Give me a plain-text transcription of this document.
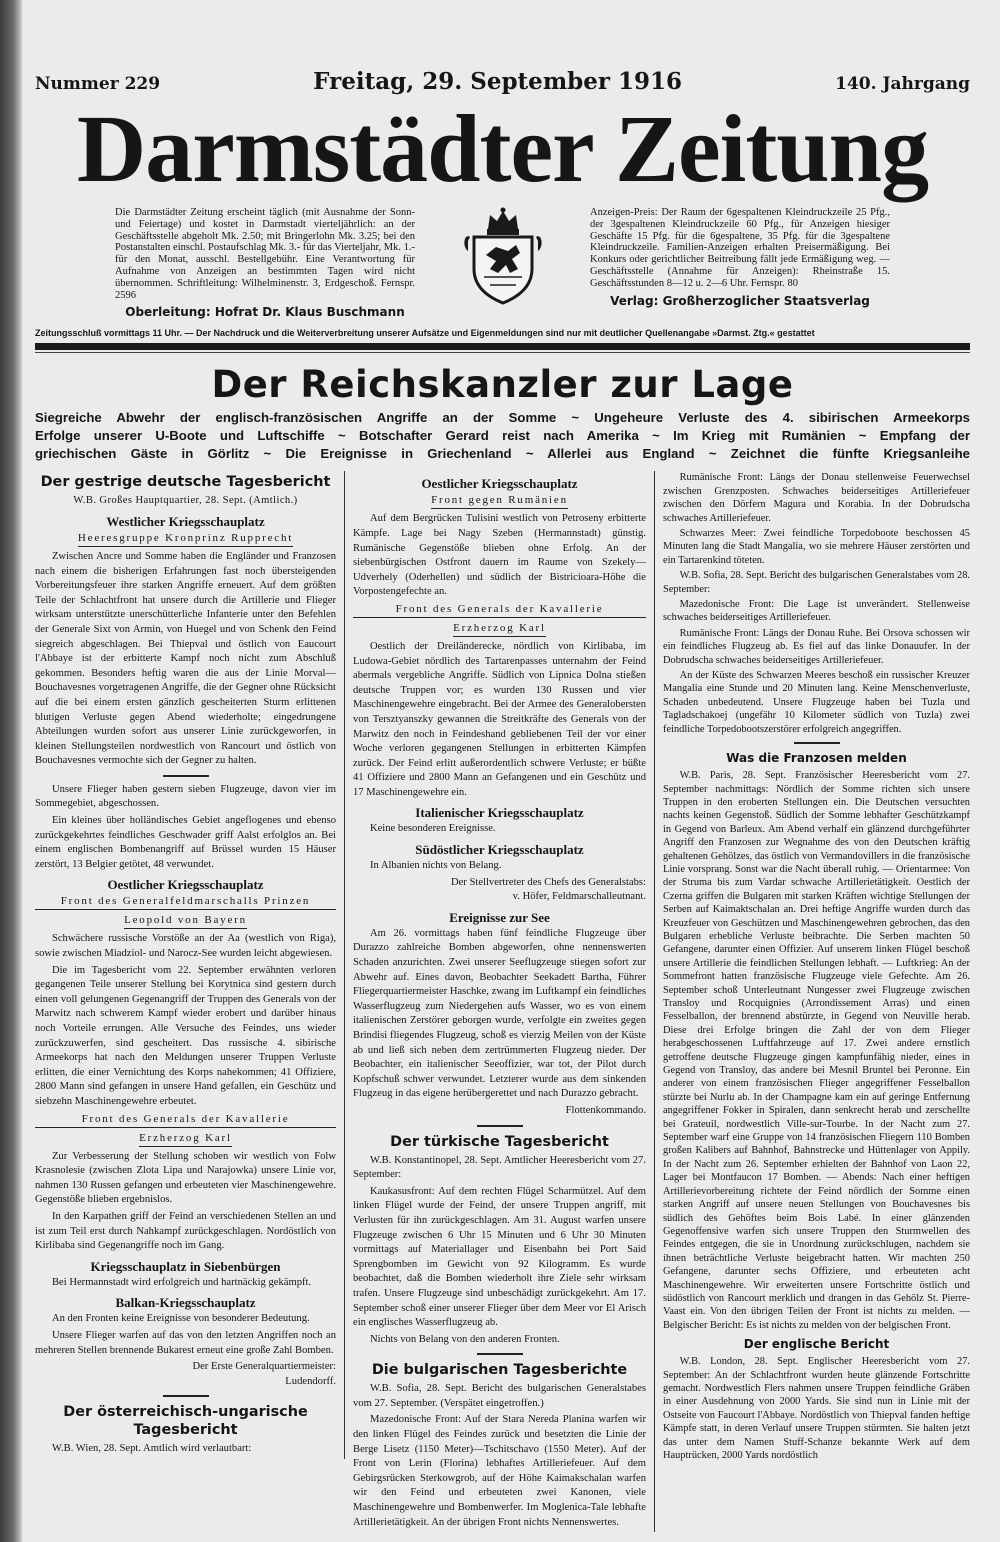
Nummer 229	Freitag, 29. September 1916	140. Jahrgang
Darmstädter Zeitung
Die Darmstädter Zeitung erscheint täglich (mit Ausnahme der Sonn- und Feiertage) und kostet in Darmstadt vierteljährlich: an der Geschäftsstelle abgeholt Mk. 2.50; mit Bringerlohn Mk. 3.25; bei den Postanstalten einschl. Postaufschlag Mk. 3.- für das Vierteljahr, Mk. 1.- für den Monat, ausschl. Bestellgebühr. Eine Verantwortung für Aufnahme von Anzeigen an bestimmten Tagen wird nicht übernommen. Schriftleitung: Wilhelminenstr. 3, Erdgeschoß. Fernspr. 2596
Oberleitung: Hofrat Dr. Klaus Buschmann
Anzeigen-Preis: Der Raum der 6gespaltenen Kleindruckzeile 25 Pfg., der 3gespaltenen Kleindruckzeile 60 Pfg., für Anzeigen hiesiger Geschäfte 15 Pfg. für die 6gespaltene, 35 Pfg. für die 3gespaltene Kleindruckzeile. Familien-Anzeigen erhalten Preisermäßigung. Bei Konkurs oder gerichtlicher Beitreibung fällt jede Ermäßigung weg. — Geschäftsstelle (Annahme für Anzeigen): Rheinstraße 15. Geschäftsstunden 8—12 u. 2—6 Uhr. Fernspr. 80
Verlag: Großherzoglicher Staatsverlag
Zeitungsschluß vormittags 11 Uhr. — Der Nachdruck und die Weiterverbreitung unserer Aufsätze und Eigenmeldungen sind nur mit deutlicher Quellenangabe »Darmst. Ztg.« gestattet
Der Reichskanzler zur Lage
Siegreiche Abwehr der englisch-französischen Angriffe an der Somme ~ Ungeheure Verluste des 4. sibirischen Armeekorps
Erfolge unserer U-Boote und Luftschiffe ~ Botschafter Gerard reist nach Amerika ~ Im Krieg mit Rumänien ~ Empfang der
griechischen Gäste in Görlitz ~ Die Ereignisse in Griechenland ~ Allerlei aus England ~ Zeichnet die fünfte Kriegsanleihe
Der gestrige deutsche Tagesbericht
W.B. Großes Hauptquartier, 28. Sept. (Amtlich.)
Westlicher Kriegsschauplatz
Heeresgruppe Kronprinz Rupprecht

Zwischen Ancre und Somme haben die Engländer und Franzosen nach einem die bisherigen Erfahrungen fast noch übersteigenden Vorbereitungsfeuer ihre starken Angriffe erneuert. Auf dem größten Teile der Schlachtfront hat unsere durch die Artillerie und Flieger wirksam unterstützte unerschütterliche Infanterie unter den Befehlen der Generale Sixt von Armin, von Huegel und von Schenk den Feind siegreich abgeschlagen. Bei Thiepval und östlich von Eaucourt l'Abbaye ist der erbitterte Kampf noch nicht zum Abschluß gekommen. Besonders heftig waren die aus der Linie Morval—Bouchavesnes vorgetragenen Angriffe, die der Gegner ohne Rücksicht auf die bei einem ersten gänzlich gescheiterten Sturm erlittenen blutigen Verluste gegen Abend wiederholte; eingedrungene Abteilungen wurden sofort aus unserer Linie zurückgeworfen, in kleinen Stellungsteilen nordwestlich von Rancourt und östlich von Bouchavesnes vermochte sich der Gegner zu halten.

Unsere Flieger haben gestern sieben Flugzeuge, davon vier im Sommegebiet, abgeschossen.

Ein kleines über holländisches Gebiet angeflogenes und ebenso zurückgekehrtes feindliches Geschwader griff Aalst erfolglos an. Bei einem englischen Bombenangriff auf Brüssel wurden 15 Häuser zerstört, 13 Belgier getötet, 48 verwundet.

Oestlicher Kriegsschauplatz
Front des Generalfeldmarschalls Prinzen
Leopold von Bayern

Schwächere russische Vorstöße an der Aa (westlich von Riga), sowie zwischen Miadziol- und Narocz-See wurden leicht abgewiesen.

Die im Tagesbericht vom 22. September erwähnten verloren gegangenen Teile unserer Stellung bei Korytnica sind gestern durch einen voll gelungenen Gegenangriff der Truppen des Generals von der Marwitz nach schwerem Kampf wieder erobert und darüber hinaus noch Vorteile errungen. Alle Versuche des Feindes, uns wieder zurückzuwerfen, sind gescheitert. Das russische 4. sibirische Armeekorps hat nach den Meldungen unserer Truppen Verluste erlitten, die einer Vernichtung des Korps nahekommen; 41 Offiziere, 2800 Mann sind gefangen in unsere Hand gefallen, ein Geschütz und siebzehn Maschinengewehre erbeutet.

Front des Generals der Kavallerie
Erzherzog Karl

Zur Verbesserung der Stellung schoben wir westlich von Folw Krasnolesie (zwischen Zlota Lipa und Narajowka) unsere Linie vor, nahmen 130 Russen gefangen und erbeuteten vier Maschinengewehre. Gegenstöße blieben ergebnislos.

In den Karpathen griff der Feind an verschiedenen Stellen an und ist zum Teil erst durch Nahkampf zurückgeschlagen. Nordöstlich von Kirlibaba sind Gegenangriffe noch im Gang.

Kriegsschauplatz in Siebenbürgen

Bei Hermannstadt wird erfolgreich und hartnäckig gekämpft.

Balkan-Kriegsschauplatz

An den Fronten keine Ereignisse von besonderer Bedeutung.

Unsere Flieger warfen auf das von den letzten Angriffen noch an mehreren Stellen brennende Bukarest erneut eine große Zahl Bomben.

Der Erste Generalquartiermeister:
Ludendorff.
Der österreichisch-ungarische Tagesbericht

W.B. Wien, 28. Sept. Amtlich wird verlautbart:

Oestlicher Kriegsschauplatz
Front gegen Rumänien

Auf dem Bergrücken Tulisini westlich von Petroseny erbitterte Kämpfe. Lage bei Nagy Szeben (Hermannstadt) günstig. Rumänische Gegenstöße blieben ohne Erfolg. An der siebenbürgischen Ostfront dauern im Raume von Szekely—Udverhely (Oderhellen) und südlich der Bistricioara-Höhe die Vorpostengefechte an.

Front des Generals der Kavallerie
Erzherzog Karl

Oestlich der Dreiländerecke, nördlich von Kirlibaba, im Ludowa-Gebiet nördlich des Tartarenpasses unternahm der Feind abermals vergebliche Angriffe. Südlich von Lipnica Dolna stießen deutsche Truppen vor; es wurden 130 Russen und vier Maschinengewehre eingebracht. Bei der Armee des Generalobersten von Tersztyanszky gewannen die Streitkräfte des Generals von der Marwitz den noch in Feindeshand gebliebenen Teil der vor einer Woche verloren gegangenen Stellungen in erbitterten Kämpfen zurück. Der Feind erlitt außerordentlich schwere Verluste; er büßte 41 Offiziere und 2800 Mann an Gefangenen und ein Geschütz und 17 Maschinengewehre ein.

Italienischer Kriegsschauplatz

Keine besonderen Ereignisse.

Südöstlicher Kriegsschauplatz

In Albanien nichts von Belang.

Der Stellvertreter des Chefs des Generalstabs:
v. Höfer, Feldmarschalleutnant.
Ereignisse zur See

Am 26. vormittags haben fünf feindliche Flugzeuge über Durazzo zahlreiche Bomben abgeworfen, ohne nennenswerten Schaden anzurichten. Zwei unserer Seeflugzeuge stiegen sofort zur Abwehr auf. Eines davon, Beobachter Seekadett Bartha, Führer Fliegerquartiermeister Haschke, zwang im Luftkampf ein feindliches Wasserflugzeug zum Niedergehen aufs Wasser, wo es von einem italienischen Zerstörer geborgen wurde, verfolgte ein zweites gegen Brindisi fliegendes Flugzeug, schoß es vierzig Meilen von der Küste ab und ließ sich neben dem zertrümmerten Flugzeug nieder. Der Beobachter, ein italienischer Seeoffizier, war tot, der Pilot durch Kopfschuß schwer verwundet. Letzterer wurde aus dem sinkenden Flugzeug in das eigene herübergerettet und nach Durazzo gebracht.

Flottenkommando.
Der türkische Tagesbericht

W.B. Konstantinopel, 28. Sept. Amtlicher Heeresbericht vom 27. September:

Kaukasusfront: Auf dem rechten Flügel Scharmützel. Auf dem linken Flügel wurde der Feind, der unsere Truppen angriff, mit Verlusten für ihn zurückgeschlagen. Am 31. August warfen unsere Flugzeuge zwischen 6 Uhr 15 Minuten und 6 Uhr 30 Minuten vormittags auf Materiallager und Eisenbahn bei Port Said Sprengbomben im Gewicht von 92 Kilogramm. Es wurde beobachtet, daß die Bomben wiederholt ihre Ziele sehr wirksam trafen. Unsere Flugzeuge sind unbeschädigt zurückgekehrt. Am 17. September schoß einer unserer Flieger über dem Meer vor El Arisch ein englisches Wasserflugzeug ab.

Nichts von Belang von den anderen Fronten.

Die bulgarischen Tagesberichte

W.B. Sofia, 28. Sept. Bericht des bulgarischen Generalstabes vom 27. September. (Verspätet eingetroffen.)

Mazedonische Front: Auf der Stara Nereda Planina warfen wir den linken Flügel des Feindes zurück und besetzten die Linie der Berge Lisetz (1150 Meter)—Tschitschavo (1550 Meter). Auf der Front von Lerin (Florina) lebhaftes Artilleriefeuer. Auf dem Gebirgsrücken Sterkowgrob, auf der Höhe Kaimakschalan warfen wir den Feind und erbeuteten zwei Kanonen, viele Maschinengewehre und Bombenwerfer. Im Moglenica-Tale lebhafte Artillerietätigkeit. An der übrigen Front nichts Nennenswertes.

Rumänische Front: Längs der Donau stellenweise Feuerwechsel zwischen Grenzposten. Schwaches beiderseitiges Artilleriefeuer zwischen den Dörfern Magura und Korabia. In der Dobrudscha schwaches Artilleriefeuer.

Schwarzes Meer: Zwei feindliche Torpedoboote beschossen 45 Minuten lang die Stadt Mangalia, wo sie mehrere Häuser zerstörten und ein Tartarenkind töteten.

W.B. Sofia, 28. Sept. Bericht des bulgarischen Generalstabes vom 28. September:

Mazedonische Front: Die Lage ist unverändert. Stellenweise schwaches beiderseitiges Artilleriefeuer.

Rumänische Front: Längs der Donau Ruhe. Bei Orsova schossen wir ein feindliches Flugzeug ab. Es fiel auf das linke Donauufer. In der Dobrudscha schwaches beiderseitiges Artilleriefeuer.

An der Küste des Schwarzen Meeres beschoß ein russischer Kreuzer Mangalia eine Stunde und 20 Minuten lang. Keine Menschenverluste, Schaden unbedeutend. Unsere Flugzeuge haben bei Tuzla und Tagladschakoej (ungefähr 10 Kilometer südlich von Tuzla) zwei feindliche Torpedobootszerstörer erfolgreich angegriffen.

Was die Franzosen melden

W.B. Paris, 28. Sept. Französischer Heeresbericht vom 27. September nachmittags: Nördlich der Somme richten sich unsere Truppen in den eroberten Stellungen ein. Die Deutschen versuchten nachts keinen Gegenstoß. Südlich der Somme lebhafter Geschützkampf in Gegend von Barleux. Am Abend verhalf ein glänzend durchgeführter Angriff den Franzosen zur Wegnahme des von den Deutschen kräftig gehaltenen Gehölzes, das östlich von Vermandovillers in die französische Linie vorsprang. Sonst war die Nacht überall ruhig. — Orientarmee: Von der Struma bis zum Vardar schwache Artillerietätigkeit. Oestlich der Czerna griffen die Bulgaren mit starken Kräften wichtige Stellungen der Serben auf Kaimaktschalan an. Drei heftige Angriffe wurden durch das Kreuzfeuer von Geschützen und Maschinengewehren gebrochen, das den Bulgaren erhebliche Verluste beibrachte. Die Serben machten 50 Gefangene, darunter einen Offizier. Auf unserem linken Flügel beschoß unsere Artillerie die feindlichen Stellungen lebhaft. — Luftkrieg: An der Sommefront hatten französische Flugzeuge viele Gefechte. Am 26. September schoß Unterleutnant Nungesser zwei Flugzeuge zwischen Transloy und Rocquignies (Arrondissement Arras) und einen Fesselballon, der brennend abstürzte, in Gegend von Neuville herab. Diese drei Erfolge bringen die Zahl der von dem Flieger herabgeschossenen Luftfahrzeuge auf 17. Zwei andere ernstlich getroffene deutsche Flugzeuge gingen kampfunfähig nieder, eines in Gegend von Transloy, das andere bei Mesnil Bruntel bei Peronne. Ein anderer von einem französischen Flieger angegriffener Fesselballon stürzte bei Nurlu ab. In der Champagne kam ein auf geringe Entfernung angegriffener Fokker in Spiralen, dann senkrecht herab und zerschellte bei Grateuil, nordwestlich Ville-sur-Tourbe. In der Nacht zum 27. September warf eine Gruppe von 14 französischen Fliegern 110 Bomben großen Kalibers auf Bahnhof, Bahnstrecke und Hüttenlager von Appily. In der Nacht zum 26. September erhielten der Bahnhof von Laon 22, Lager bei Montfaucon 17 Bomben. — Abends: Nach einer heftigen Artillerievorbereitung richtete der Feind nördlich der Somme einen starken Angriff auf unsere neuen Stellungen von Bouchavesnes bis südlich des Gehöftes beim Bois Labé. In einer glänzenden Gegenoffensive warfen sich unsere Truppen den Sturmwellen des Feindes entgegen, die sie in Unordnung zurückschlugen, nachdem sie ihnen beträchtliche Verluste beigebracht hatten. Wir machten 250 Gefangene, darunter sechs Offiziere, und erbeuteten acht Maschinengewehre. Wir erweiterten unsere Fortschritte östlich und südöstlich von Rancourt merklich und drangen in das Gehölz St. Pierre-Vaast ein. Von den übrigen Teilen der Front ist nichts zu melden. — Belgischer Bericht: Es ist nichts zu melden von der belgischen Front.

Der englische Bericht

W.B. London, 28. Sept. Englischer Heeresbericht vom 27. September: An der Schlachtfront wurden heute glänzende Fortschritte gemacht. Nordwestlich Flers nahmen unsere Truppen feindliche Gräben in einer Ausdehnung von 2000 Yards. Sie sind nun in Linie mit der Ostseite von Faucourt l'Abbaye. Nordöstlich von Thiepval fanden heftige Kämpfe statt, in deren Verlauf unsere Truppen stürmten. Sie halten jetzt das unter dem Namen Stuff-Schanze bekannte Werk auf dem Hauptrücken, 2000 Yards nordöstlich
